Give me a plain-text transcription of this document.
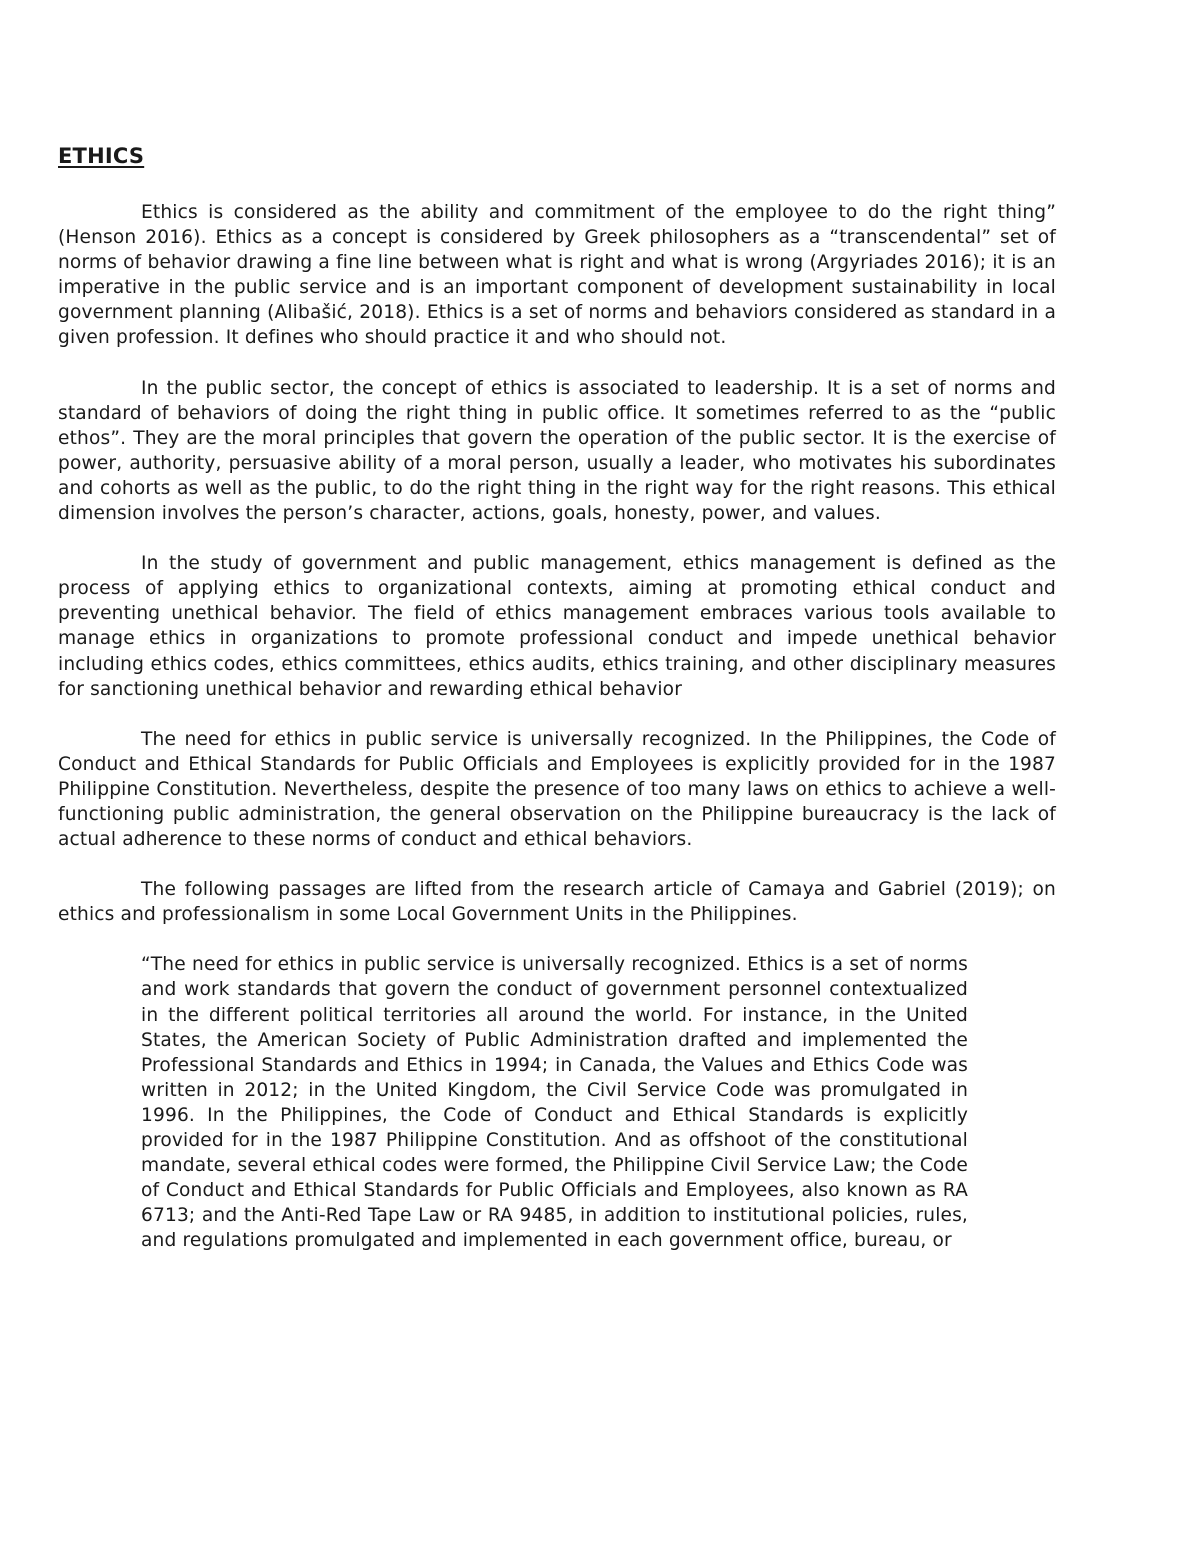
ETHICS

Ethics is considered as the ability and commitment of the employee to do the right thing” (Henson 2016). Ethics as a concept is considered by Greek philosophers as a “transcendental” set of norms of behavior drawing a fine line between what is right and what is wrong (Argyriades 2016); it is an imperative in the public service and is an important component of development sustainability in local government planning (Alibašić, 2018). Ethics is a set of norms and behaviors considered as standard in a given profession. It defines who should practice it and who should not.

In the public sector, the concept of ethics is associated to leadership. It is a set of norms and standard of behaviors of doing the right thing in public office. It sometimes referred to as the “public ethos”. They are the moral principles that govern the operation of the public sector. It is the exercise of power, authority, persuasive ability of a moral person, usually a leader, who motivates his subordinates and cohorts as well as the public, to do the right thing in the right way for the right reasons. This ethical dimension involves the person’s character, actions, goals, honesty, power, and values.

In the study of government and public management, ethics management is defined as the process of applying ethics to organizational contexts, aiming at promoting ethical conduct and preventing unethical behavior. The field of ethics management embraces various tools available to manage ethics in organizations to promote professional conduct and impede unethical behavior including ethics codes, ethics committees, ethics audits, ethics training, and other disciplinary measures for sanctioning unethical behavior and rewarding ethical behavior

The need for ethics in public service is universally recognized. In the Philippines, the Code of Conduct and Ethical Standards for Public Officials and Employees is explicitly provided for in the 1987 Philippine Constitution. Nevertheless, despite the presence of too many laws on ethics to achieve a well-functioning public administration, the general observation on the Philippine bureaucracy is the lack of actual adherence to these norms of conduct and ethical behaviors.

The following passages are lifted from the research article of Camaya and Gabriel (2019); on ethics and professionalism in some Local Government Units in the Philippines.

“The need for ethics in public service is universally recognized. Ethics is a set of norms and work standards that govern the conduct of government personnel contextualized in the different political territories all around the world. For instance, in the United States, the American Society of Public Administration drafted and implemented the Professional Standards and Ethics in 1994; in Canada, the Values and Ethics Code was written in 2012; in the United Kingdom, the Civil Service Code was promulgated in 1996. In the Philippines, the Code of Conduct and Ethical Standards is explicitly provided for in the 1987 Philippine Constitution. And as offshoot of the constitutional mandate, several ethical codes were formed, the Philippine Civil Service Law; the Code of Conduct and Ethical Standards for Public Officials and Employees, also known as RA 6713; and the Anti-Red Tape Law or RA 9485, in addition to institutional policies, rules, and regulations promulgated and implemented in each government office, bureau, or
